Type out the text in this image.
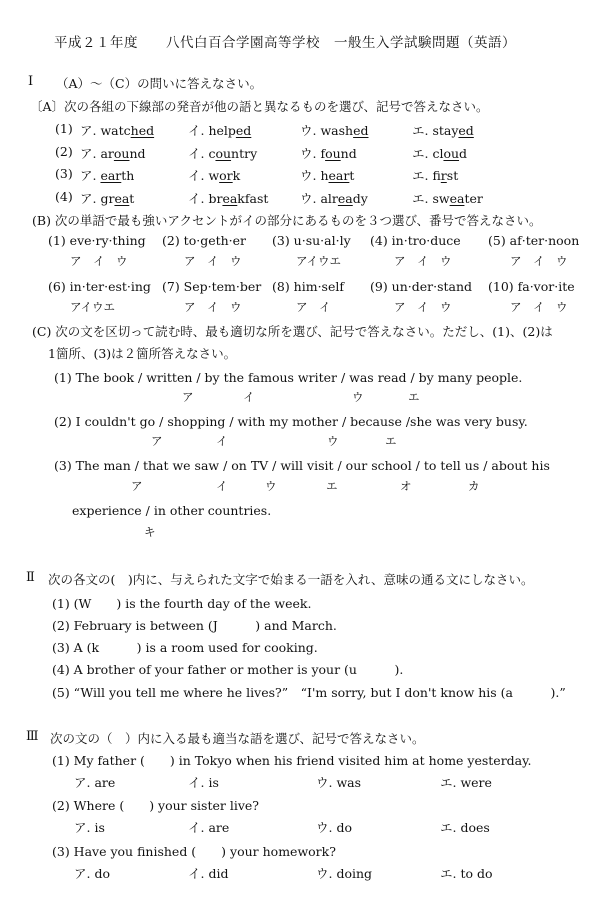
平成２１年度　　八代白百合学園高等学校　一般生入学試験問題（英語）
Ⅰ （A）〜（C）の問いに答えなさい。
〔A〕次の各組の下線部の発音が他の語と異なるものを選び、記号で答えなさい。
(1) ア. watched	イ. helped	ウ. washed	エ. stayed
(2) ア. around	イ. country	ウ. found	エ. cloud
(3) ア. earth	イ. work	ウ. heart	エ. first
(4) ア. great	イ. breakfast	ウ. already	エ. sweater
(B) 次の単語で最も強いアクセントがイの部分にあるものを３つ選び、番号で答えなさい。
(1) eve·ry·thing
ア　イ　ウ
(2) to·geth·er
ア　イ　ウ
(3) u·su·al·ly
アイウエ
(4) in·tro·duce
ア　イ　ウ
(5) af·ter·noon
ア　イ　ウ
(6) in·ter·est·ing
アイウエ
(7) Sep·tem·ber
ア　イ　ウ
(8) him·self
ア　イ
(9) un·der·stand
ア　イ　ウ
(10) fa·vor·ite
ア　イ　ウ
(C) 次の文を区切って読む時、最も適切な所を選び、記号で答えなさい。ただし、(1)、(2)は
1箇所、(3)は２箇所答えなさい。
(1) The book / written / by the famous writer / was read / by many people.
ア	イ	ウ	エ
(2) I couldn't go / shopping / with my mother / because /she was very busy.
ア	イ	ウ	エ
(3) The man / that we saw / on TV / will visit / our school / to tell us / about his
ア	イ	ウ	エ	オ	カ
experience / in other countries.
キ
Ⅱ 次の各文の(　)内に、与えられた文字で始まる一語を入れ、意味の通る文にしなさい。
(1) (W　　) is the fourth day of the week.
(2) February is between (J　　　) and March.
(3) A (k　　　) is a room used for cooking.
(4) A brother of your father or mother is your (u　　　).
(5) “Will you tell me where he lives?”　“I'm sorry, but I don't know his (a　　　).”
Ⅲ 次の文の（　）内に入る最も適当な語を選び、記号で答えなさい。
(1) My father (　　) in Tokyo when his friend visited him at home yesterday.
ア. are	イ. is	ウ. was	エ. were
(2) Where (　　) your sister live?
ア. is	イ. are	ウ. do	エ. does
(3) Have you finished (　　) your homework?
ア. do	イ. did	ウ. doing	エ. to do
